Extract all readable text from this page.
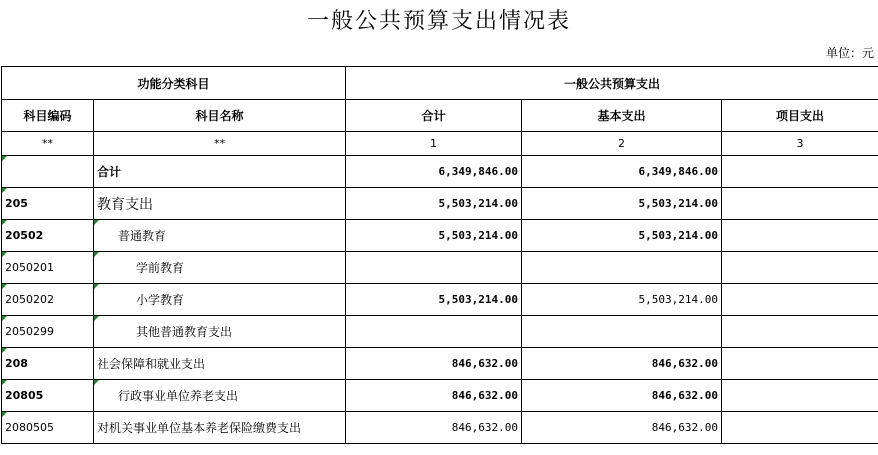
一般公共预算支出情况表
单位：元
功能分类科目		一般公共预算支出		
科目编码	科目名称	合计	基本支出	项目支出
**	**	1	2	3
	合计	6,349,846.00	6,349,846.00	
205	教育支出	5,503,214.00	5,503,214.00	
20502	普通教育	5,503,214.00	5,503,214.00	
2050201	学前教育			
2050202	小学教育	5,503,214.00	5,503,214.00	
2050299	其他普通教育支出			
208	社会保障和就业支出	846,632.00	846,632.00	
20805	行政事业单位养老支出	846,632.00	846,632.00	
2080505	对机关事业单位基本养老保险缴费支出	846,632.00	846,632.00	
